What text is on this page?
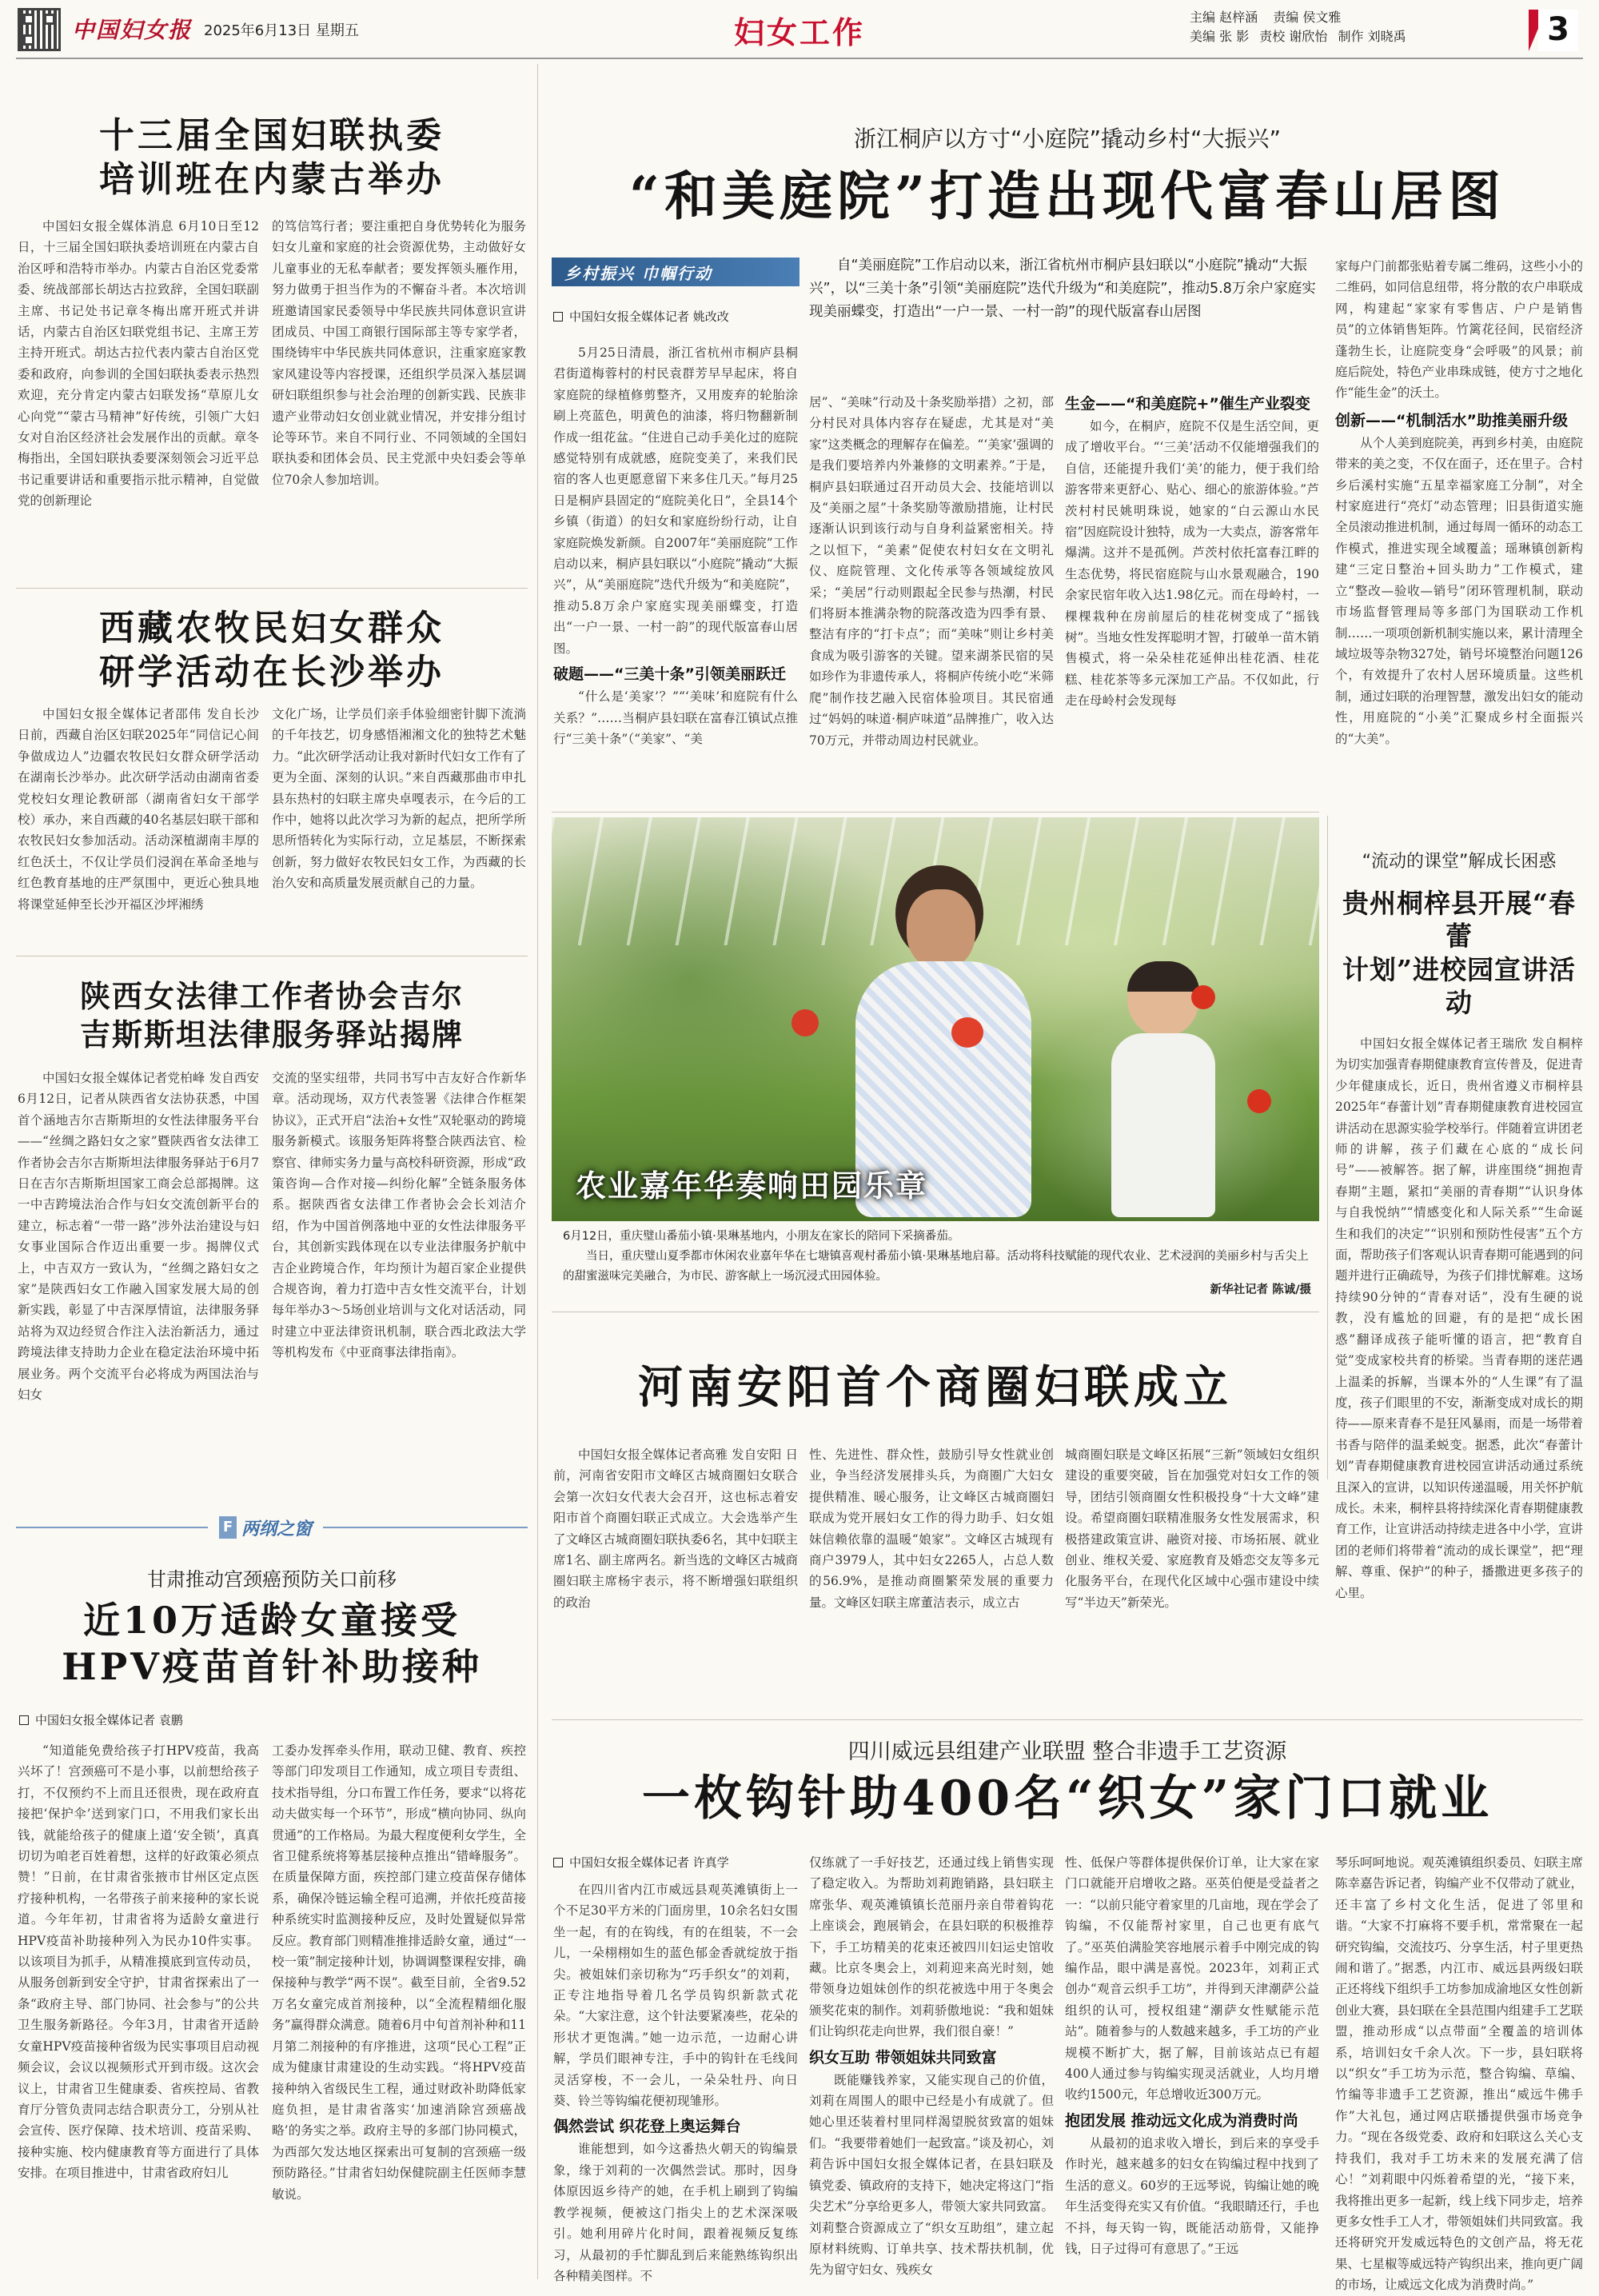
中国妇女报 2025年6月13日 星期五	妇女工作	主编 赵梓涵 责编 侯文雅
美编 张 影 责校 谢欣怡 制作 刘晓禹	3
十三届全国妇联执委
培训班在内蒙古举办

中国妇女报全媒体消息 6月10日至12日，十三届全国妇联执委培训班在内蒙古自治区呼和浩特市举办。内蒙古自治区党委常委、统战部部长胡达古拉致辞，全国妇联副主席、书记处书记章冬梅出席开班式并讲话，内蒙古自治区妇联党组书记、主席王芳主持开班式。胡达古拉代表内蒙古自治区党委和政府，向参训的全国妇联执委表示热烈欢迎，充分肯定内蒙古妇联发扬“草原儿女心向党”“蒙古马精神”好传统，引领广大妇女对自治区经济社会发展作出的贡献。章冬梅指出，全国妇联执委要深刻领会习近平总书记重要讲话和重要指示批示精神，自觉做党的创新理论

的笃信笃行者；要注重把自身优势转化为服务妇女儿童和家庭的社会资源优势，主动做好女儿童事业的无私奉献者；要发挥领头雁作用，努力做勇于担当作为的不懈奋斗者。本次培训班邀请国家民委领导中华民族共同体意识宣讲团成员、中国工商银行国际部主等专家学者，围绕铸牢中华民族共同体意识，注重家庭家教家风建设等内容授课，还组织学员深入基层调研妇联组织参与社会治理的创新实践、民族非遗产业带动妇女创业就业情况，并安排分组讨论等环节。来自不同行业、不同领域的全国妇联执委和团体会员、民主党派中央妇委会等单位70余人参加培训。

西藏农牧民妇女群众
研学活动在长沙举办

中国妇女报全媒体记者邵伟 发自长沙 日前，西藏自治区妇联2025年“同信记心间 争做成边人”边疆农牧民妇女群众研学活动在湖南长沙举办。此次研学活动由湖南省委党校妇女理论教研部（湖南省妇女干部学校）承办，来自西藏的40名基层妇联干部和农牧民妇女参加活动。活动深植湖南丰厚的红色沃土，不仅让学员们浸润在革命圣地与红色教育基地的庄严氛围中，更近心独具地将课堂延伸至长沙开福区沙坪湘绣

文化广场，让学员们亲手体验细密针脚下流淌的千年技艺，切身感悟湘湘文化的独特艺术魅力。“此次研学活动让我对新时代妇女工作有了更为全面、深刻的认识。”来自西藏那曲市申扎县东热村的妇联主席央卓嘎表示，在今后的工作中，她将以此次学习为新的起点，把所学所思所悟转化为实际行动，立足基层，不断探索创新，努力做好农牧民妇女工作，为西藏的长治久安和高质量发展贡献自己的力量。

陕西女法律工作者协会吉尔
吉斯斯坦法律服务驿站揭牌

中国妇女报全媒体记者党柏峰 发自西安 6月12日，记者从陕西省女法协获悉，中国首个涵地吉尔吉斯斯坦的女性法律服务平台——“丝绸之路妇女之家”暨陕西省女法律工作者协会吉尔吉斯斯坦法律服务驿站于6月7日在吉尔吉斯斯坦国家工商会总部揭牌。这一中吉跨境法治合作与妇女交流创新平台的建立，标志着“一带一路”涉外法治建设与妇女事业国际合作迈出重要一步。揭牌仪式上，中吉双方一致认为，“丝绸之路妇女之家”是陕西妇女工作融入国家发展大局的创新实践，彰显了中吉深厚情谊，法律服务驿站将为双边经贸合作注入法治新活力，通过跨境法律支持助力企业在稳定法治环境中拓展业务。两个交流平台必将成为两国法治与妇女

交流的坚实纽带，共同书写中吉友好合作新华章。活动现场，双方代表签署《法律合作框架协议》，正式开启“法治+女性”双轮驱动的跨境服务新模式。该服务矩阵将整合陕西法官、检察官、律师实务力量与高校科研资源，形成“政策咨询—合作对接—纠纷化解”全链条服务体系。据陕西省女法律工作者协会会长刘洁介绍，作为中国首例落地中亚的女性法律服务平台，其创新实践体现在以专业法律服务护航中吉企业跨境合作，年均预计为超百家企业提供合规咨询，着力打造中吉女性交流平台，计划每年举办3～5场创业培训与文化对话活动，同时建立中亚法律资讯机制，联合西北政法大学等机构发布《中亚商事法律指南》。

F 两纲之窗
甘肃推动宫颈癌预防关口前移
近10万适龄女童接受
HPV疫苗首针补助接种
中国妇女报全媒体记者 袁鹏

“知道能免费给孩子打HPV疫苗，我高兴坏了！宫颈癌可不是小事，以前想给孩子打，不仅预约不上而且还很贵，现在政府直接把‘保护伞’送到家门口，不用我们家长出钱，就能给孩子的健康上道‘安全锁’，真真切切为咱老百姓着想，这样的好政策必须点赞！”日前，在甘肃省张掖市甘州区定点医疗接种机构，一名带孩子前来接种的家长说道。今年年初，甘肃省将为适龄女童进行HPV疫苗补助接种列入为民办10件实事。以该项目为抓手，从精准摸底到宣传动员，从服务创新到安全守护，甘肃省探索出了一条“政府主导、部门协同、社会参与”的公共卫生服务新路径。今年3月，甘肃省开适龄女童HPV疫苗接种省级为民实事项目启动视频会议，会议以视频形式开到市级。这次会议上，甘肃省卫生健康委、省疾控局、省教育厅分管负责同志结合职责分工，分别从社会宣传、医疗保障、技术培训、疫苗采购、接种实施、校内健康教育等方面进行了具体安排。在项目推进中，甘肃省政府妇儿

工委办发挥牵头作用，联动卫健、教育、疾控等部门印发项目工作通知，成立项目专责组、技术指导组，分口布置工作任务，要求“以将花动夫做实每一个环节”，形成“横向协同、纵向贯通”的工作格局。为最大程度便利女学生，全省卫健系统将筹基层接种点推出“错峰服务”。在质量保障方面，疾控部门建立疫苗保存储体系，确保冷链运输全程可追溯，并依托疫苗接种系统实时监测接种反应，及时处置疑似异常反应。教育部门则精准推排适龄女童，通过“一校一策”制定接种计划，协调调整课程安排，确保接种与教学“两不误”。截至目前，全省9.52万名女童完成首剂接种，以“全流程精细化服务”赢得群众满意。随着6月中旬首剂补种和11月第二剂接种的有序推进，这项“民心工程”正成为健康甘肃建设的生动实践。“将HPV疫苗接种纳入省级民生工程，通过财政补助降低家庭负担，是甘肃省落实‘加速消除宫颈癌战略’的务实之举。政府主导的多部门协同模式，为西部欠发达地区探索出可复制的宫颈癌一级预防路径。”甘肃省妇幼保健院副主任医师李慧敏说。

浙江桐庐以方寸“小庭院”撬动乡村“大振兴”
“和美庭院”打造出现代富春山居图
乡村振兴 巾帼行动
中国妇女报全媒体记者 姚改改
自“美丽庭院”工作启动以来，浙江省杭州市桐庐县妇联以“小庭院”撬动“大振兴”，以“三美十条”引领“美丽庭院”迭代升级为“和美庭院”，推动5.8万余户家庭实现美丽蝶变，打造出“一户一景、一村一韵”的现代版富春山居图

5月25日清晨，浙江省杭州市桐庐县桐君街道梅蓉村的村民袁群芳早早起床，将自家庭院的绿植修剪整齐，又用废弃的轮胎涂刷上亮蓝色，明黄色的油漆，将归物翻新制作成一组花盆。“住进自己动手美化过的庭院感觉特别有成就感，庭院变美了，来我们民宿的客人也更愿意留下来多住几天。”每月25日是桐庐县固定的“庭院美化日”，全县14个乡镇（街道）的妇女和家庭纷纷行动，让自家庭院焕发新颜。自2007年“美丽庭院”工作启动以来，桐庐县妇联以“小庭院”撬动“大振兴”，从“美丽庭院”迭代升级为“和美庭院”，推动5.8万余户家庭实现美丽蝶变，打造出“一户一景、一村一韵”的现代版富春山居图。

破题——“三美十条”引领美丽跃迁

“什么是‘美家’？”“‘美味’和庭院有什么关系？”……当桐庐县妇联在富春江镇试点推行“三美十条”（“美家”、“美

居”、“美味”行动及十条奖励举措）之初，部分村民对具体内容存在疑虑，尤其是对“美家”这类概念的理解存在偏差。“‘美家’强调的是我们要培养内外兼修的文明素养。”于是，桐庐县妇联通过召开动员大会、技能培训以及“美丽之屋”十条奖励等激励措施，让村民逐渐认识到该行动与自身利益紧密相关。持之以恒下，“美素”促使农村妇女在文明礼仪、庭院管理、文化传承等各领域绽放风采；“美居”行动则跟起全民参与热潮，村民们将厨本推满杂物的院落改造为四季有景、整洁有序的“打卡点”；而“美味”则让乡村美食成为吸引游客的关键。望来湖茶民宿的吴如珍作为非遗传承人，将桐庐传统小吃“米筛爬”制作技艺融入民宿体验项目。其民宿通过“妈妈的味道·桐庐味道”品牌推广，收入达70万元，并带动周边村民就业。

生金——“和美庭院+”催生产业裂变

如今，在桐庐，庭院不仅是生活空间，更成了增收平台。“‘三美’活动不仅能增强我们的自信，还能提升我们‘美’的能力，便于我们给游客带来更舒心、贴心、细心的旅游体验。”芦茨村村民姚明珠说，她家的“白云源山水民宿”因庭院设计独特，成为一大卖点，游客常年爆满。这并不是孤例。芦茨村依托富春江畔的生态优势，将民宿庭院与山水景观融合，190余家民宿年收入达1.98亿元。而在母岭村，一棵棵栽种在房前屋后的桂花树变成了“摇钱树”。当地女性发挥聪明才智，打破单一苗木销售模式，将一朵朵桂花延伸出桂花酒、桂花糕、桂花茶等多元深加工产品。不仅如此，行走在母岭村会发现每

家每户门前都张贴着专属二维码，这些小小的二维码，如同信息纽带，将分散的农户串联成网，构建起“家家有零售店、户户是销售员”的立体销售矩阵。竹篱花径间，民宿经济蓬勃生长，让庭院变身“会呼吸”的风景；前庭后院处，特色产业串珠成链，使方寸之地化作“能生金”的沃土。

创新——“机制活水”助推美丽升级

从个人美到庭院美，再到乡村美，由庭院带来的美之变，不仅在面子，还在里子。合村乡后溪村实施“五星幸福家庭工分制”，对全村家庭进行“亮灯”动态管理；旧县街道实施全员滚动推进机制，通过每周一循环的动态工作模式，推进实现全域覆盖；瑶琳镇创新构建“三定日整治+回头助力”工作模式，建立“整改—验收—销号”闭环管理机制，联动市场监督管理局等多部门为国联动工作机制……一项项创新机制实施以来，累计清理全域垃圾等杂物327处，销号坏境整治问题126个，有效提升了农村人居环境质量。这些机制，通过妇联的治理智慧，激发出妇女的能动性，用庭院的“小美”汇聚成乡村全面振兴的“大美”。

农业嘉年华奏响田园乐章
6月12日，重庆璧山番茄小镇·果琳基地内，小朋友在家长的陪同下采摘番茄。
当日，重庆璧山夏季都市休闲农业嘉年华在七塘镇喜观村番茄小镇·果琳基地启幕。活动将科技赋能的现代农业、艺术浸润的美丽乡村与舌尖上的甜蜜滋味完美融合，为市民、游客献上一场沉浸式田园体验。
新华社记者 陈诚/摄
“流动的课堂”解成长困惑
贵州桐梓县开展“春蕾
计划”进校园宣讲活动

中国妇女报全媒体记者王瑞欣 发自桐梓 为切实加强青春期健康教育宣传普及，促进青少年健康成长，近日，贵州省遵义市桐梓县2025年“春蕾计划”青春期健康教育进校园宣讲活动在思源实验学校举行。伴随着宣讲团老师的讲解，孩子们藏在心底的“成长问号”——被解答。据了解，讲座围绕“拥抱青春期”主题，紧扣“美丽的青春期”“认识身体与自我悦纳”“情感变化和人际关系”“生命诞生和我们的决定”“识别和预防性侵害”五个方面，帮助孩子们客观认识青春期可能遇到的问题并进行正确疏导，为孩子们排忧解难。这场持续90分钟的“青春对话”，没有生硬的说教，没有尴尬的回避，有的是把“成长困惑”翻译成孩子能听懂的语言，把“教育自觉”变成家校共育的桥梁。当青春期的迷茫遇上温柔的拆解，当课本外的“人生课”有了温度，孩子们眼里的不安，渐渐变成对成长的期待——原来青春不是狂风暴雨，而是一场带着书香与陪伴的温柔蜕变。据悉，此次“春蕾计划”青春期健康教育进校园宣讲活动通过系统且深入的宣讲，以知识传递温暖，用关怀护航成长。未来，桐梓县将持续深化青春期健康教育工作，让宣讲活动持续走进各中小学，宣讲团的老师们将带着“流动的成长课堂”，把“理解、尊重、保护”的种子，播撒进更多孩子的心里。

河南安阳首个商圈妇联成立

中国妇女报全媒体记者高雅 发自安阳 日前，河南省安阳市文峰区古城商圈妇女联合会第一次妇女代表大会召开，这也标志着安阳市首个商圈妇联正式成立。大会选举产生了文峰区古城商圈妇联执委6名，其中妇联主席1名、副主席两名。新当选的文峰区古城商圈妇联主席杨宇表示，将不断增强妇联组织的政治

性、先进性、群众性，鼓励引导女性就业创业，争当经济发展排头兵，为商圈广大妇女提供精准、暖心服务，让文峰区古城商圈妇联成为党开展妇女工作的得力助手、妇女姐妹信赖依靠的温暖“娘家”。文峰区古城现有商户3979人，其中妇女2265人，占总人数的56.9%，是推动商圈繁荣发展的重要力量。文峰区妇联主席董洁表示，成立古

城商圈妇联是文峰区拓展“三新”领域妇女组织建设的重要突破，旨在加强党对妇女工作的领导，团结引领商圈女性积极投身“十大文峰”建设。希望商圈妇联精准服务女性发展需求，积极搭建政策宣讲、融资对接、市场拓展、就业创业、维权关爱、家庭教育及婚恋交友等多元化服务平台，在现代化区域中心强市建设中续写“半边天”新荣光。

四川威远县组建产业联盟 整合非遗手工艺资源
一枚钩针助400名“织女”家门口就业
中国妇女报全媒体记者 许真学

在四川省内江市威远县观英滩镇街上一个不足30平方米的门面房里，10余名妇女围坐一起，有的在钩线，有的在组装，不一会儿，一朵栩栩如生的蓝色郁金香就绽放于指尖。被姐妹们亲切称为“巧手织女”的刘莉，正专注地指导着几名学员钩织新款式花朵。“大家注意，这个针法要紧凑些，花朵的形状才更饱满。”她一边示范，一边耐心讲解，学员们眼神专注，手中的钩针在毛线间灵活穿梭，不一会儿，一朵朵牡丹、向日葵、铃兰等钩编花便初现雏形。

偶然尝试 织花登上奥运舞台

谁能想到，如今这番热火朝天的钩编景象，缘于刘莉的一次偶然尝试。那时，因身体原因返乡待产的她，在手机上刷到了钩编教学视频，便被这门指尖上的艺术深深吸引。她利用碎片化时间，跟着视频反复练习，从最初的手忙脚乱到后来能熟练钩织出各种精美图样。不

仅练就了一手好技艺，还通过线上销售实现了稳定收入。为帮助刘莉跑销路，县妇联主席张华、观英滩镇镇长范丽丹亲自带着钩花上座谈会，跑展销会，在县妇联的积极推荐下，手工坊精美的花束还被四川妇运史馆收藏。比京冬奥会上，刘莉迎来高光时刻，她带领身边姐妹创作的织花被选中用于冬奥会颁奖花束的制作。刘莉骄傲地说：“我和姐妹们让钩织花走向世界，我们很自豪！”

织女互助 带领姐妹共同致富

既能赚钱养家，又能实现自己的价值，刘莉在周围人的眼中已经是小有成就了。但她心里还装着村里同样渴望脱贫致富的姐妹们。“我要带着她们一起致富。”谈及初心，刘莉告诉中国妇女报全媒体记者，在县妇联及镇党委、镇政府的支持下，她决定将这门“指尖艺术”分享给更多人，带领大家共同致富。刘莉整合资源成立了“织女互助组”，建立起原材料统购、订单共享、技术帮扶机制，优先为留守妇女、残疾女

性、低保户等群体提供保价订单，让大家在家门口就能开启增收之路。巫英伯便是受益者之一：“以前只能守着家里的几亩地，现在学会了钩编，不仅能帮衬家里，自己也更有底气了。”巫英伯满脸笑容地展示着手中刚完成的钩编作品，眼中满是喜悦。2023年，刘莉正式创办“观音云织手工坊”，并得到天津潮萨公益组织的认可，授权组建“潮萨女性赋能示范站”。随着参与的人数越来越多，手工坊的产业规模不断扩大，据了解，目前该站点已有超400人通过参与钩编实现灵活就业，人均月增收约1500元，年总增收近300万元。

抱团发展 推动远文化成为消费时尚

从最初的追求收入增长，到后来的享受手作时光，越来越多的妇女在钩编过程中找到了生活的意义。60岁的王远琴说，钩编让她的晚年生活变得充实又有价值。“我眼睛还行，手也不抖，每天钩一钩，既能活动筋骨，又能挣钱，日子过得可有意思了。”王远

琴乐呵呵地说。观英滩镇组织委员、妇联主席陈幸嘉告诉记者，钩编产业不仅带动了就业，还丰富了乡村文化生活，促进了邻里和谐。“大家不打麻将不要手机，常常聚在一起研究钩编，交流技巧、分享生活，村子里更热闹和谐了。”据悉，内江市、威远县两级妇联正还将线下组织手工坊参加成渝地区女性创新创业大赛，县妇联在全县范围内组建手工艺联盟，推动形成“以点带面”全覆盖的培训体系，培训妇女千余人次。下一步，县妇联将以“织女”手工坊为示范，整合钩编、草编、竹编等非遗手工艺资源，推出“威远牛佛手作”大礼包，通过网店联播提供强市场竞争力。“现在各级党委、政府和妇联这么关心支持我们，我对手工坊未来的发展充满了信心！”刘莉眼中闪烁着希望的光，“接下来，我将推出更多一起新，线上线下同步走，培养更多女性手工人才，带领姐妹们共同致富。我还将研究开发威远特色的文创产品，将无花果、七星椒等威远特产钩织出来，推向更广阔的市场，让威远文化成为消费时尚。”
